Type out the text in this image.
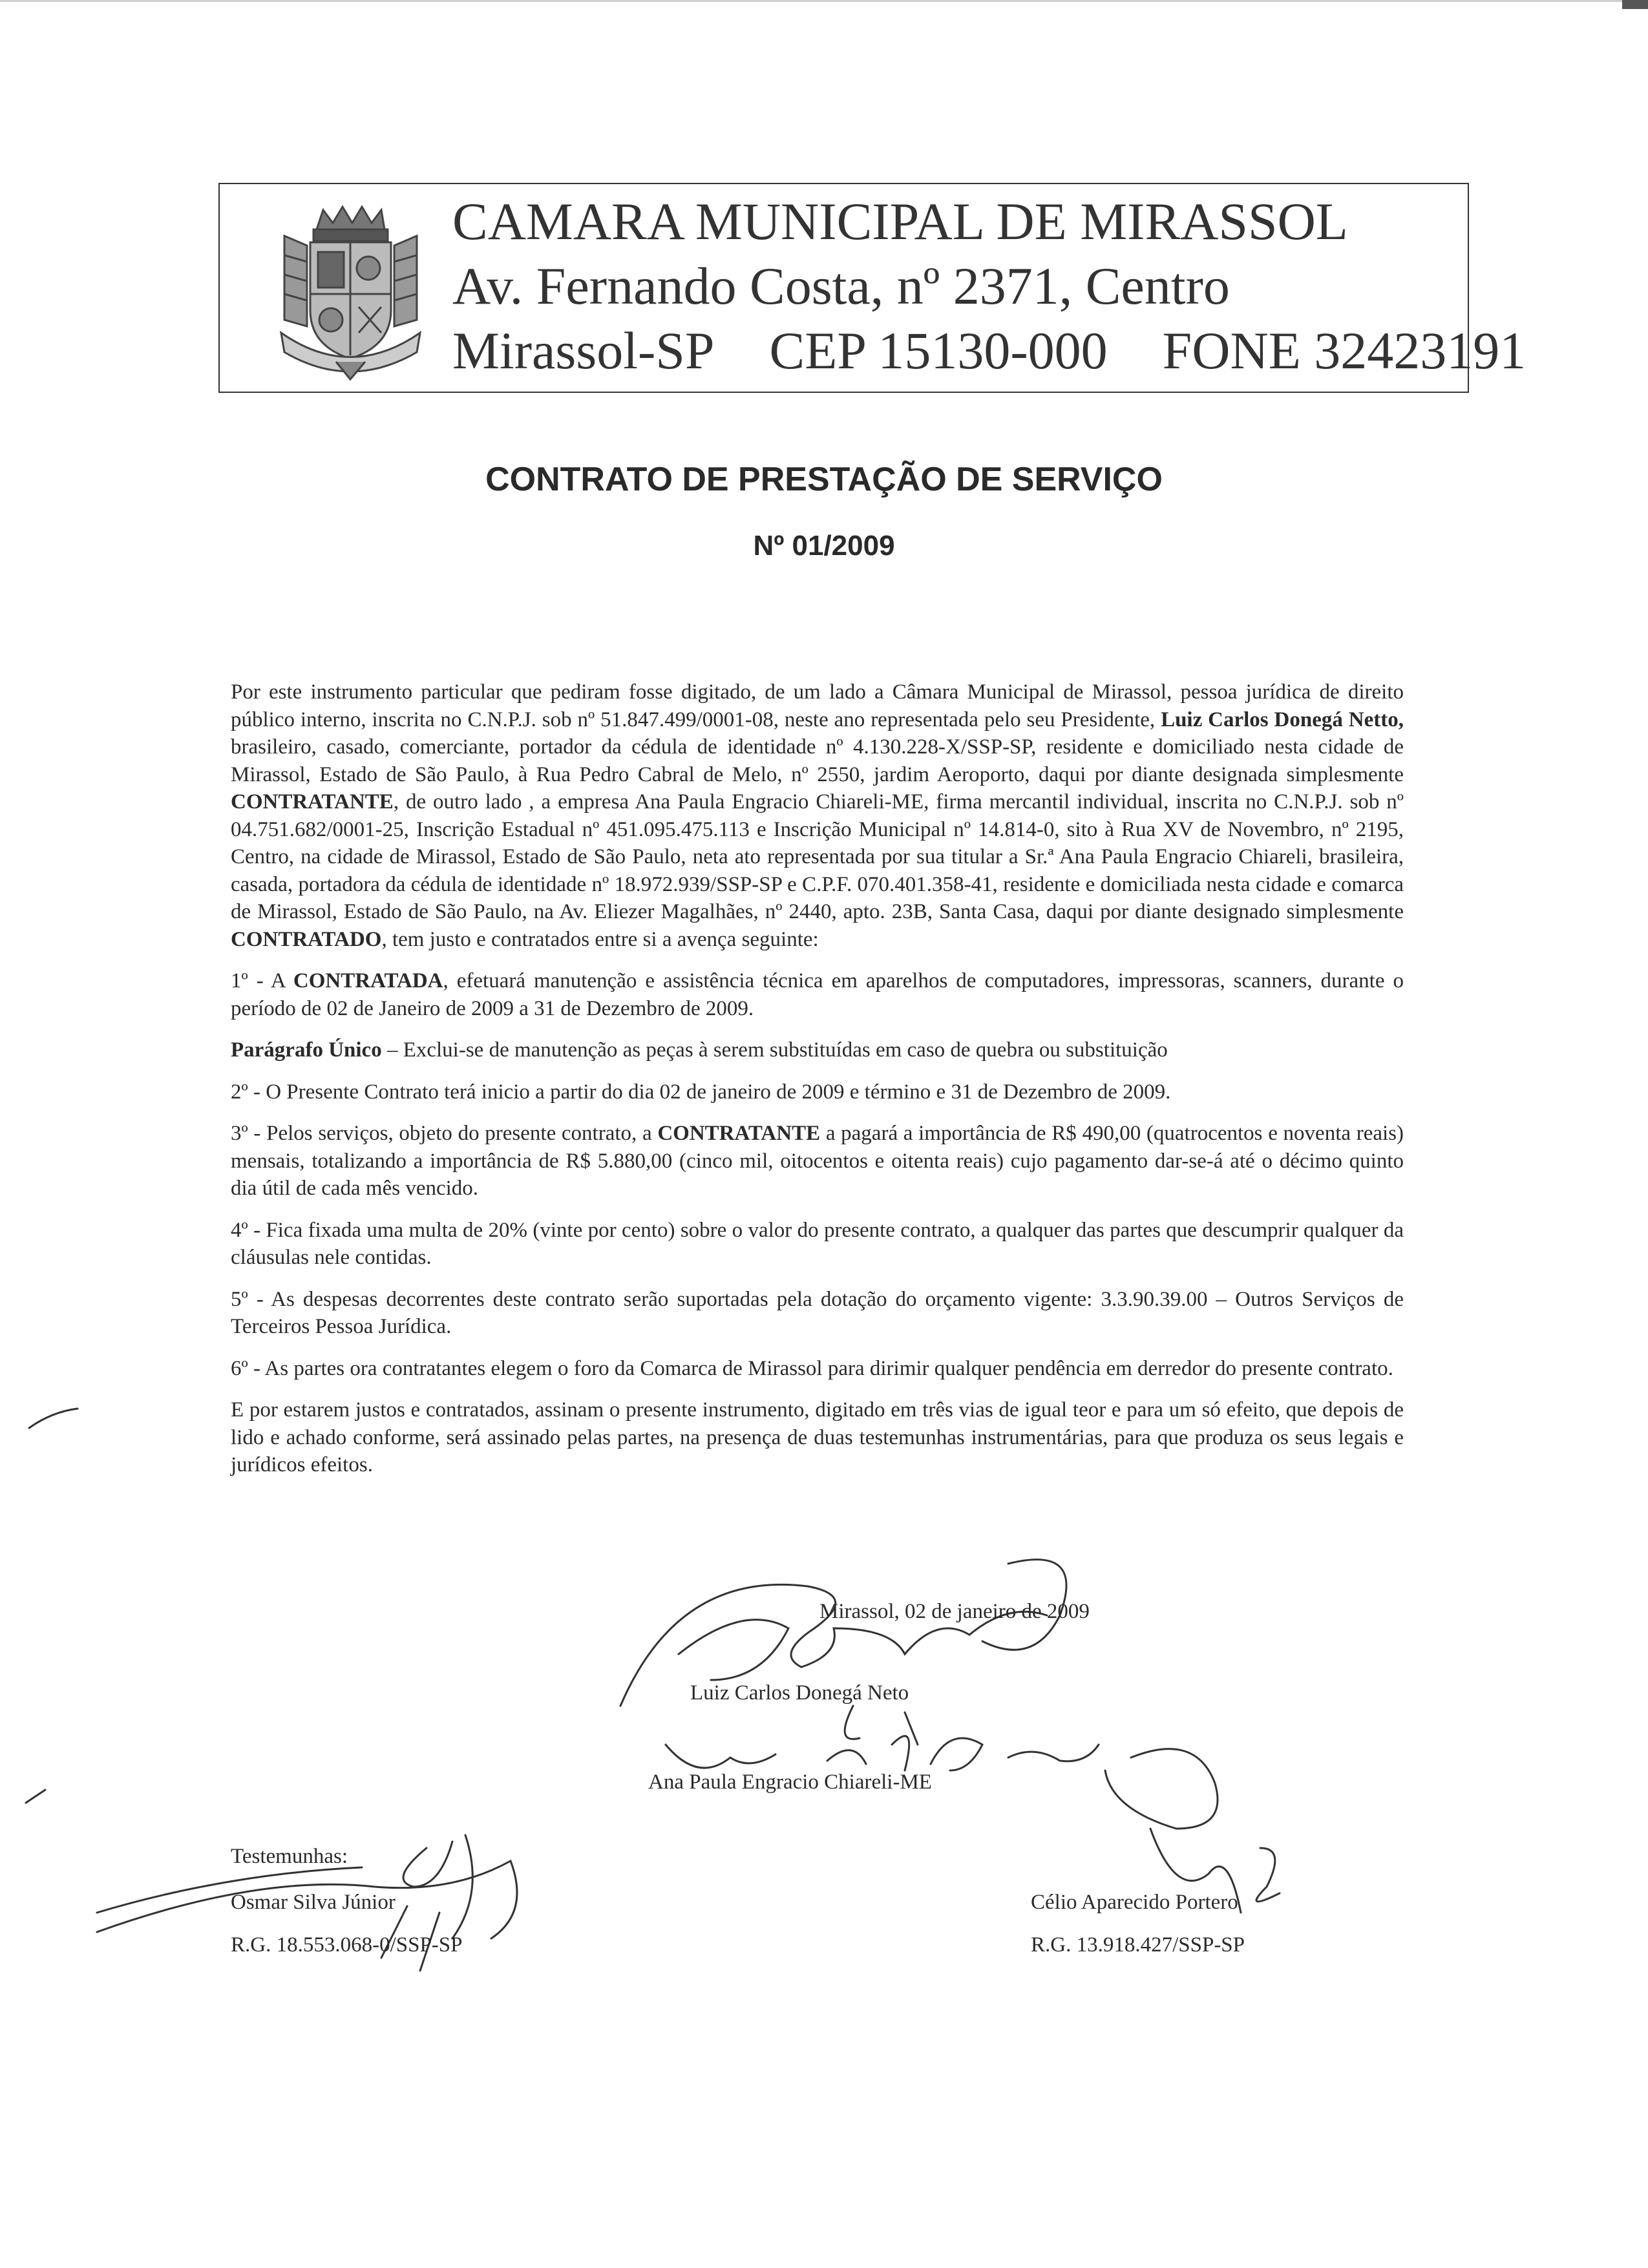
CAMARA MUNICIPAL DE MIRASSOL
Av. Fernando Costa, nº 2371, Centro
Mirassol-SP CEP 15130-000 FONE 32423191
CONTRATO DE PRESTAÇÃO DE SERVIÇO
Nº 01/2009

Por este instrumento particular que pediram fosse digitado, de um lado a Câmara Municipal de Mirassol, pessoa jurídica de direito público interno, inscrita no C.N.P.J. sob nº 51.847.499/0001-08, neste ano representada pelo seu Presidente, Luiz Carlos Donegá Netto, brasileiro, casado, comerciante, portador da cédula de identidade nº 4.130.228-X/SSP-SP, residente e domiciliado nesta cidade de Mirassol, Estado de São Paulo, à Rua Pedro Cabral de Melo, nº 2550, jardim Aeroporto, daqui por diante designada simplesmente CONTRATANTE, de outro lado , a empresa Ana Paula Engracio Chiareli-ME, firma mercantil individual, inscrita no C.N.P.J. sob nº 04.751.682/0001-25, Inscrição Estadual nº 451.095.475.113 e Inscrição Municipal nº 14.814-0, sito à Rua XV de Novembro, nº 2195, Centro, na cidade de Mirassol, Estado de São Paulo, neta ato representada por sua titular a Sr.ª Ana Paula Engracio Chiareli, brasileira, casada, portadora da cédula de identidade nº 18.972.939/SSP-SP e C.P.F. 070.401.358-41, residente e domiciliada nesta cidade e comarca de Mirassol, Estado de São Paulo, na Av. Eliezer Magalhães, nº 2440, apto. 23B, Santa Casa, daqui por diante designado simplesmente CONTRATADO, tem justo e contratados entre si a avença seguinte:

1º - A CONTRATADA, efetuará manutenção e assistência técnica em aparelhos de computadores, impressoras, scanners, durante o período de 02 de Janeiro de 2009 a 31 de Dezembro de 2009.

Parágrafo Único – Exclui-se de manutenção as peças à serem substituídas em caso de quebra ou substituição

2º - O Presente Contrato terá inicio a partir do dia 02 de janeiro de 2009 e término e 31 de Dezembro de 2009.

3º - Pelos serviços, objeto do presente contrato, a CONTRATANTE a pagará a importância de R$ 490,00 (quatrocentos e noventa reais) mensais, totalizando a importância de R$ 5.880,00 (cinco mil, oitocentos e oitenta reais) cujo pagamento dar-se-á até o décimo quinto dia útil de cada mês vencido.

4º - Fica fixada uma multa de 20% (vinte por cento) sobre o valor do presente contrato, a qualquer das partes que descumprir qualquer da cláusulas nele contidas.

5º - As despesas decorrentes deste contrato serão suportadas pela dotação do orçamento vigente: 3.3.90.39.00 – Outros Serviços de Terceiros Pessoa Jurídica.

6º - As partes ora contratantes elegem o foro da Comarca de Mirassol para dirimir qualquer pendência em derredor do presente contrato.

E por estarem justos e contratados, assinam o presente instrumento, digitado em três vias de igual teor e para um só efeito, que depois de lido e achado conforme, será assinado pelas partes, na presença de duas testemunhas instrumentárias, para que produza os seus legais e jurídicos efeitos.

Mirassol, 02 de janeiro de 2009
Luiz Carlos Donegá Neto
Ana Paula Engracio Chiareli-ME
Testemunhas:
Osmar Silva Júnior
R.G. 18.553.068-0/SSP-SP
Célio Aparecido Portero
R.G. 13.918.427/SSP-SP
